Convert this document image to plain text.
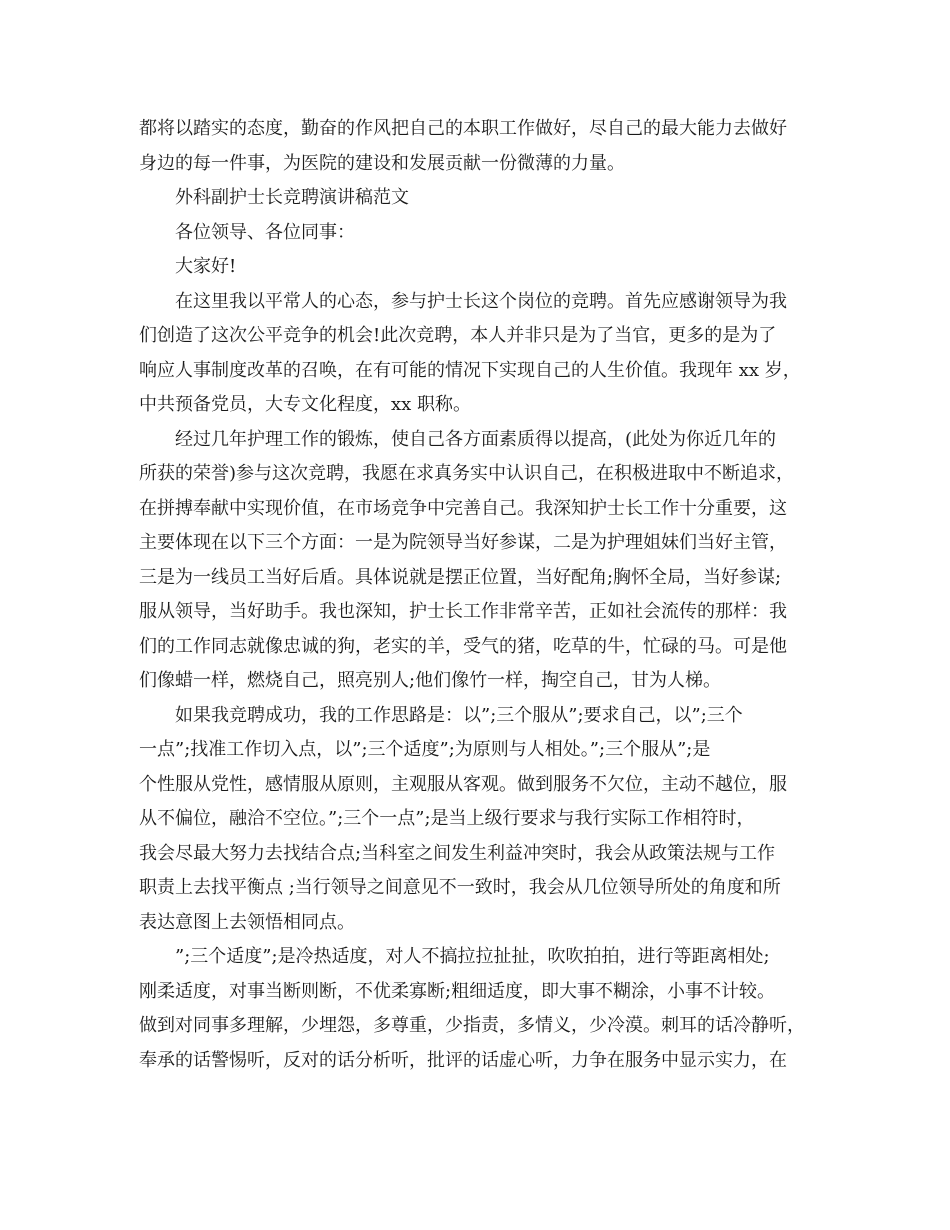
都将以踏实的态度，勤奋的作风把自己的本职工作做好，尽自己的最大能力去做好
身边的每一件事，为医院的建设和发展贡献一份微薄的力量。
外科副护士长竞聘演讲稿范文
各位领导、各位同事：
大家好!
在这里我以平常人的心态，参与护士长这个岗位的竞聘。首先应感谢领导为我
们创造了这次公平竞争的机会!此次竞聘，本人并非只是为了当官，更多的是为了
响应人事制度改革的召唤，在有可能的情况下实现自己的人生价值。我现年 xx 岁，
中共预备党员，大专文化程度，xx 职称。
经过几年护理工作的锻炼，使自己各方面素质得以提高，(此处为你近几年的
所获的荣誉)参与这次竞聘，我愿在求真务实中认识自己，在积极进取中不断追求，
在拼搏奉献中实现价值，在市场竞争中完善自己。我深知护士长工作十分重要，这
主要体现在以下三个方面：一是为院领导当好参谋，二是为护理姐妹们当好主管，
三是为一线员工当好后盾。具体说就是摆正位置，当好配角;胸怀全局，当好参谋;
服从领导，当好助手。我也深知，护士长工作非常辛苦，正如社会流传的那样：我
们的工作同志就像忠诚的狗，老实的羊，受气的猪，吃草的牛，忙碌的马。可是他
们像蜡一样，燃烧自己，照亮别人;他们像竹一样，掏空自己，甘为人梯。
如果我竞聘成功，我的工作思路是：以”;三个服从”;要求自己，以”;三个
一点”;找准工作切入点，以”;三个适度”;为原则与人相处。”;三个服从”;是
个性服从党性，感情服从原则，主观服从客观。做到服务不欠位，主动不越位，服
从不偏位，融洽不空位。”;三个一点”;是当上级行要求与我行实际工作相符时，
我会尽最大努力去找结合点;当科室之间发生利益冲突时，我会从政策法规与工作
职责上去找平衡点 ;当行领导之间意见不一致时，我会从几位领导所处的角度和所
表达意图上去领悟相同点。
”;三个适度”;是冷热适度，对人不搞拉拉扯扯，吹吹拍拍，进行等距离相处;
刚柔适度，对事当断则断，不优柔寡断;粗细适度，即大事不糊涂，小事不计较。
做到对同事多理解，少埋怨，多尊重，少指责，多情义，少冷漠。刺耳的话冷静听，
奉承的话警惕听，反对的话分析听，批评的话虚心听，力争在服务中显示实力，在
